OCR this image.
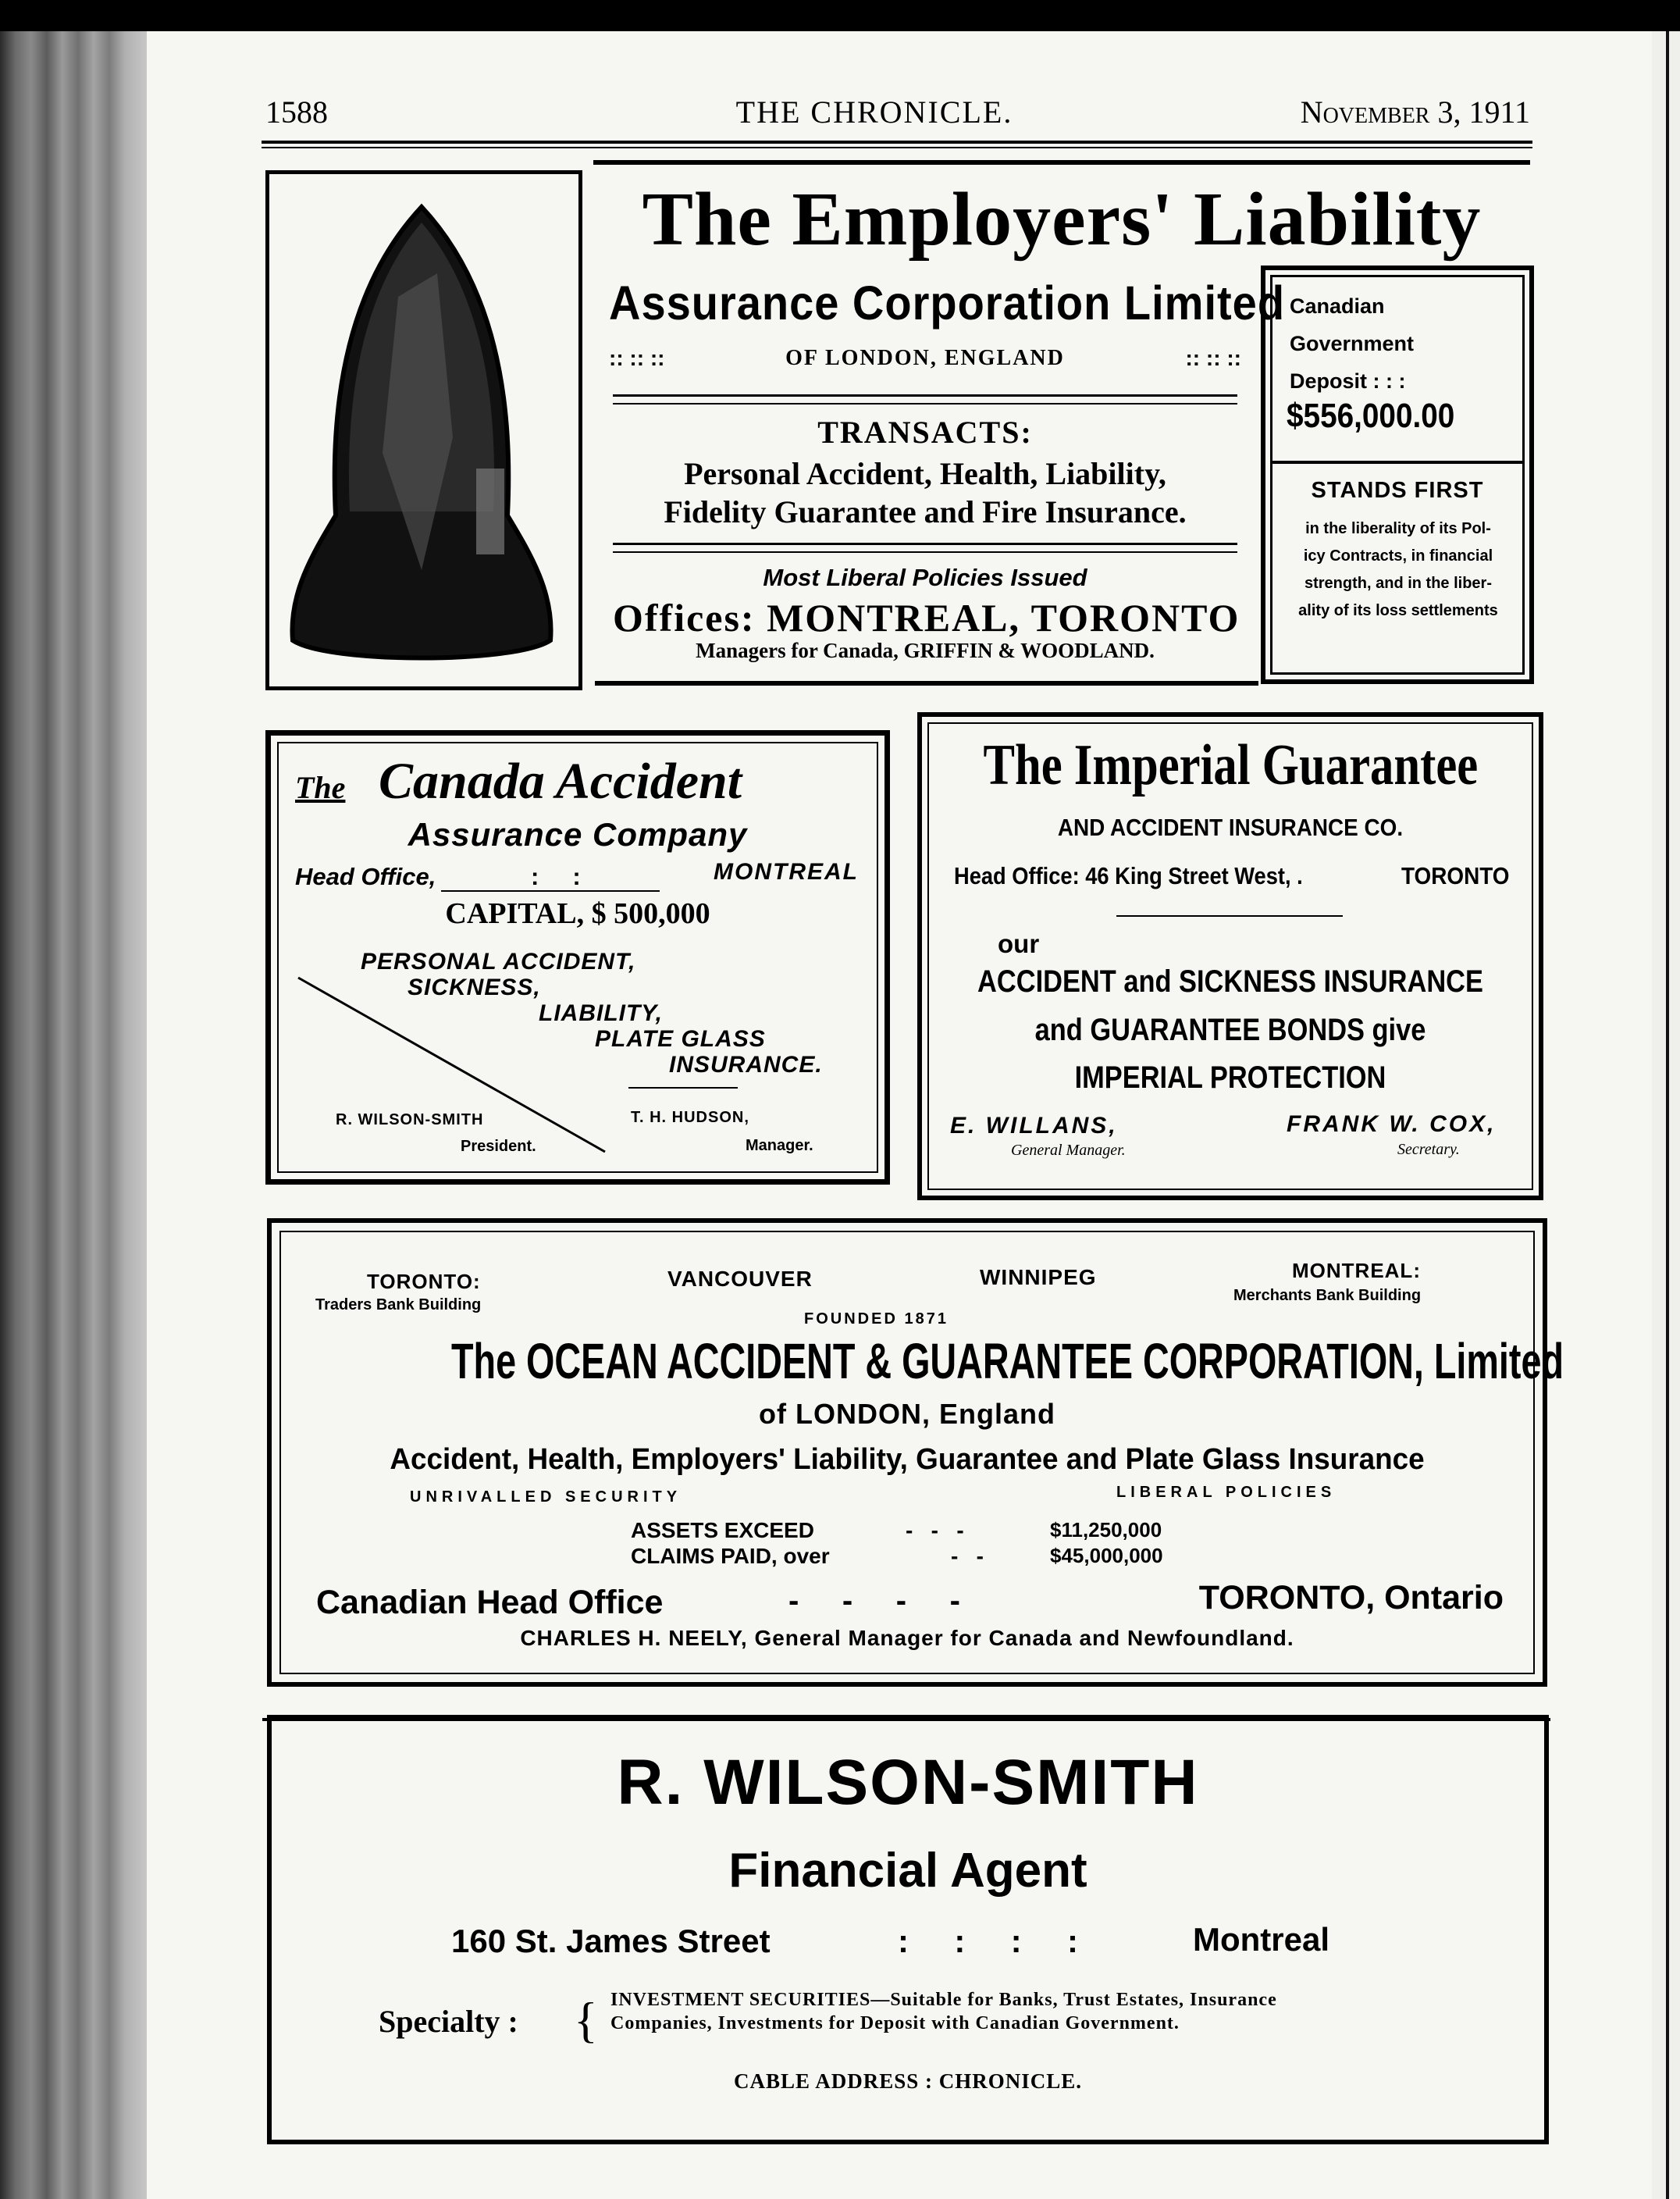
1588	THE CHRONICLE.	November 3, 1911
The Employers' Liability
Assurance Corporation Limited
:: :: ::	OF LONDON, ENGLAND	:: :: ::
TRANSACTS:
Personal Accident, Health, Liability,
Fidelity Guarantee and Fire Insurance.
Most Liberal Policies Issued
Offices: MONTREAL, TORONTO
Managers for Canada, GRIFFIN & WOODLAND.
Canadian
Government
Deposit : : :
$556,000.00
STANDS FIRST
in the liberality of its Pol-
icy Contracts, in financial
strength, and in the liber-
ality of its loss settlements
The Canada Accident
Assurance Company
Head Office,	:     :	MONTREAL
CAPITAL, $ 500,000
PERSONAL ACCIDENT,
SICKNESS,
LIABILITY,
PLATE GLASS
INSURANCE.
R. WILSON-SMITH
President.
T. H. HUDSON,
Manager.
The Imperial Guarantee
AND ACCIDENT INSURANCE CO.
Head Office: 46 King Street West, .	TORONTO
our
ACCIDENT and SICKNESS INSURANCE
and GUARANTEE BONDS give
IMPERIAL PROTECTION
E. WILLANS,
General Manager.
FRANK W. COX,
Secretary.
TORONTO:
Traders Bank Building
VANCOUVER	WINNIPEG	MONTREAL:
Merchants Bank Building
FOUNDED 1871
The OCEAN ACCIDENT & GUARANTEE CORPORATION, Limited
of LONDON, England
Accident, Health, Employers' Liability, Guarantee and Plate Glass Insurance
UNRIVALLED SECURITY	LIBERAL POLICIES
ASSETS EXCEED	-   -   -	$11,250,000
CLAIMS PAID, over	-   -	$45,000,000
Canadian Head Office	-     -     -     -	TORONTO, Ontario
CHARLES H. NEELY, General Manager for Canada and Newfoundland.
R. WILSON-SMITH
Financial Agent
160 St. James Street	:     :     :     :	Montreal
Specialty : { INVESTMENT SECURITIES—Suitable for Banks, Trust Estates, Insurance
Companies, Investments for Deposit with Canadian Government.
CABLE ADDRESS : CHRONICLE.
